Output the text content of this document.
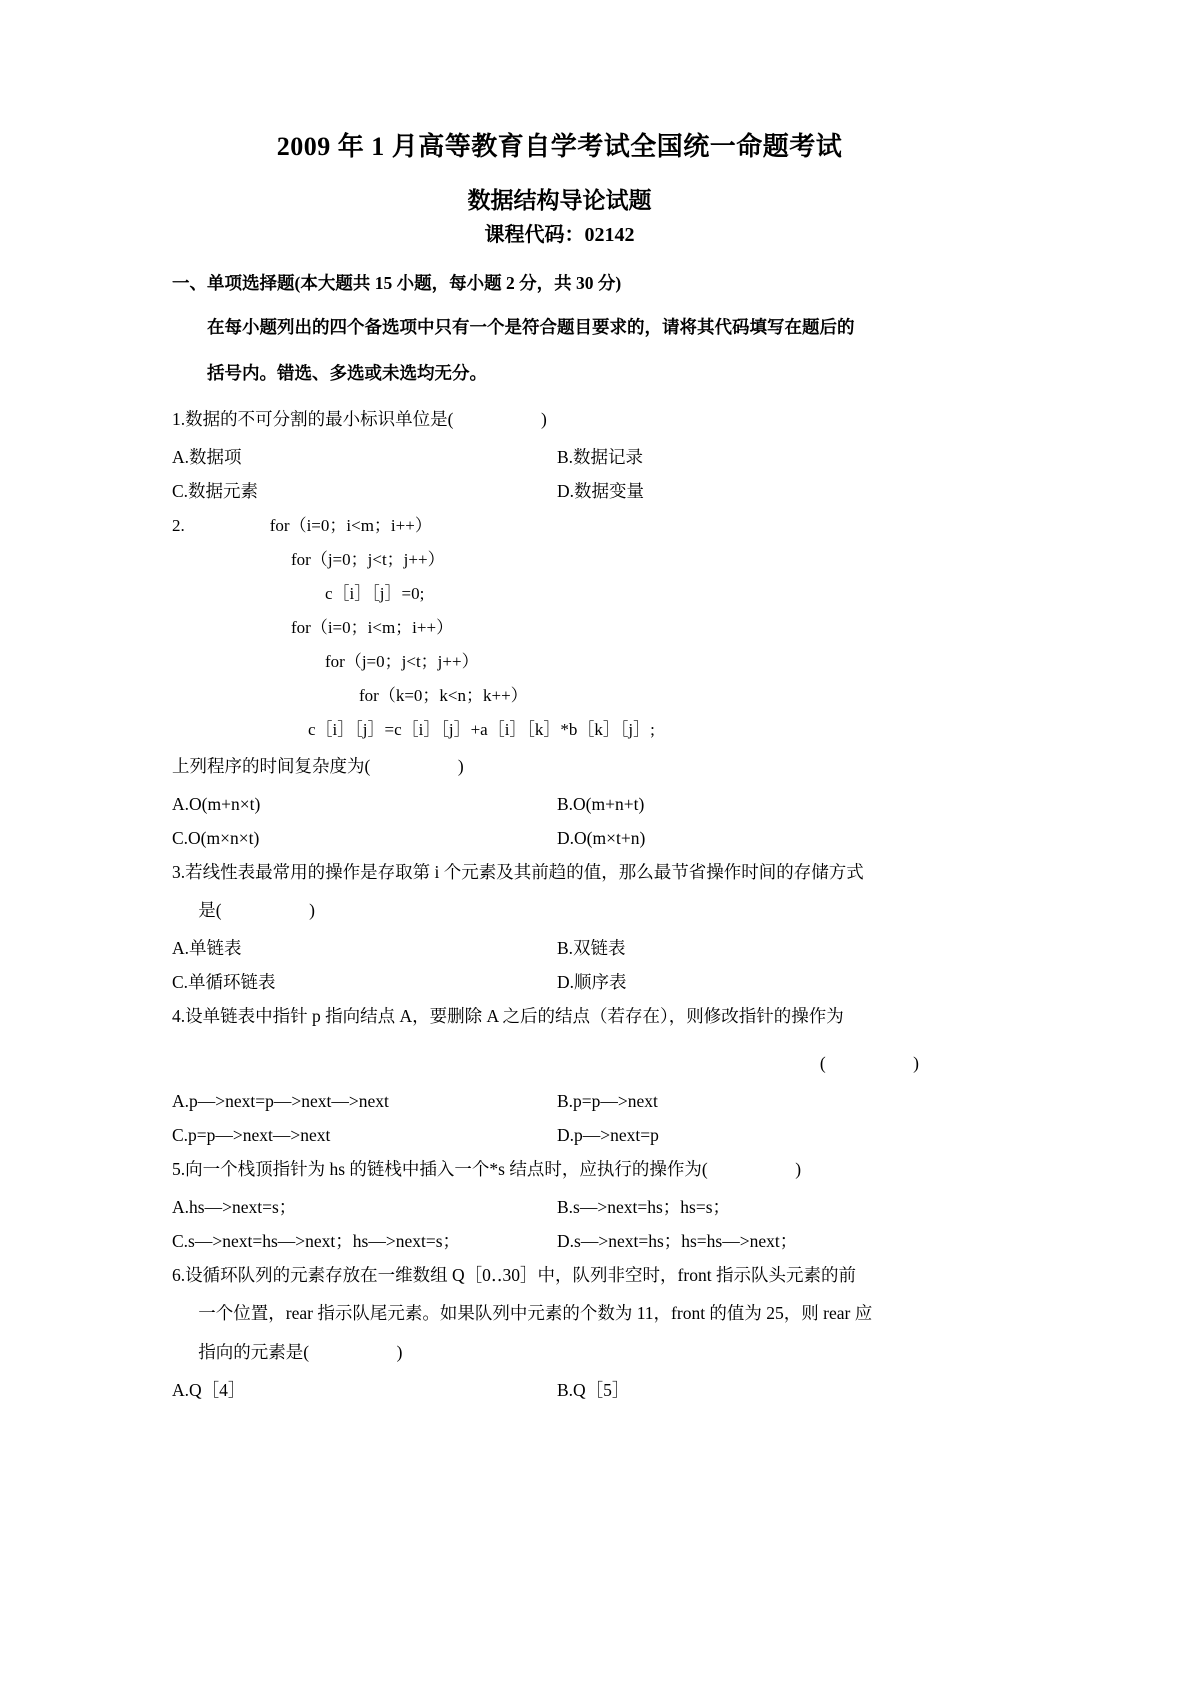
2009 年 1 月高等教育自学考试全国统一命题考试
数据结构导论试题
课程代码：02142
一、单项选择题(本大题共 15 小题，每小题 2 分，共 30 分)
在每小题列出的四个备选项中只有一个是符合题目要求的，请将其代码填写在题后的
括号内。错选、多选或未选均无分。
1.数据的不可分割的最小标识单位是(　　　　　)
A.数据项	B.数据记录
C.数据元素	D.数据变量
2.　　　　　for（i=0；i<m；i++）
　　　　　　　for（j=0；j<t；j++）
　　　　　　　　　c［i］［j］=0;
　　　　　　　for（i=0；i<m；i++）
　　　　　　　　　for（j=0；j<t；j++）
　　　　　　　　　　　for（k=0；k<n；k++）
　　　　　　　　c［i］［j］=c［i］［j］+a［i］［k］*b［k］［j］;
上列程序的时间复杂度为(　　　　　)
A.O(m+n×t)	B.O(m+n+t)
C.O(m×n×t)	D.O(m×t+n)
3.若线性表最常用的操作是存取第 i 个元素及其前趋的值，那么最节省操作时间的存储方式
是(　　　　　)
A.单链表	B.双链表
C.单循环链表	D.顺序表
4.设单链表中指针 p 指向结点 A，要删除 A 之后的结点（若存在），则修改指针的操作为
(　　　　　)
A.p—>next=p—>next—>next	B.p=p—>next
C.p=p—>next—>next	D.p—>next=p
5.向一个栈顶指针为 hs 的链栈中插入一个*s 结点时，应执行的操作为(　　　　　)
A.hs—>next=s；	B.s—>next=hs；hs=s；
C.s—>next=hs—>next；hs—>next=s；	D.s—>next=hs；hs=hs—>next；
6.设循环队列的元素存放在一维数组 Q［0‥30］中，队列非空时，front 指示队头元素的前
一个位置，rear 指示队尾元素。如果队列中元素的个数为 11，front 的值为 25，则 rear 应
指向的元素是(　　　　　)
A.Q［4］	B.Q［5］
